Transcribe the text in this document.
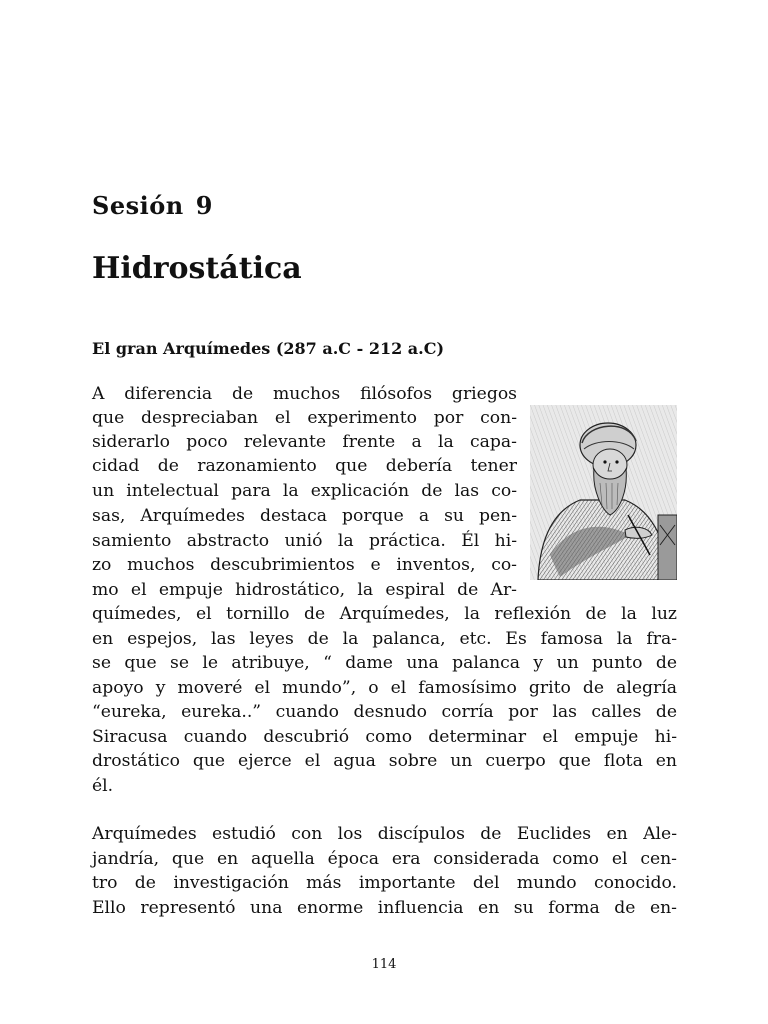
Sesión 9
Hidrostática
El gran Arquímedes (287 a.C - 212 a.C)
A diferencia de muchos filósofos griegos
que despreciaban el experimento por con-
siderarlo poco relevante frente a la capa-
cidad de razonamiento que debería tener
un intelectual para la explicación de las co-
sas, Arquímedes destaca porque a su pen-
samiento abstracto unió la práctica. Él hi-
zo muchos descubrimientos e inventos, co-
mo el empuje hidrostático, la espiral de Ar-
químedes, el tornillo de Arquímedes, la reflexión de la luz
en espejos, las leyes de la palanca, etc. Es famosa la fra-
se que se le atribuye, “ dame una palanca y un punto de
apoyo y moveré el mundo”, o el famosísimo grito de alegría
“eureka, eureka..” cuando desnudo corría por las calles de
Siracusa cuando descubrió como determinar el empuje hi-
drostático que ejerce el agua sobre un cuerpo que flota en
él.
Arquímedes estudió con los discípulos de Euclides en Ale-
jandría, que en aquella época era considerada como el cen-
tro de investigación más importante del mundo conocido.
Ello representó una enorme influencia en su forma de en-
114
